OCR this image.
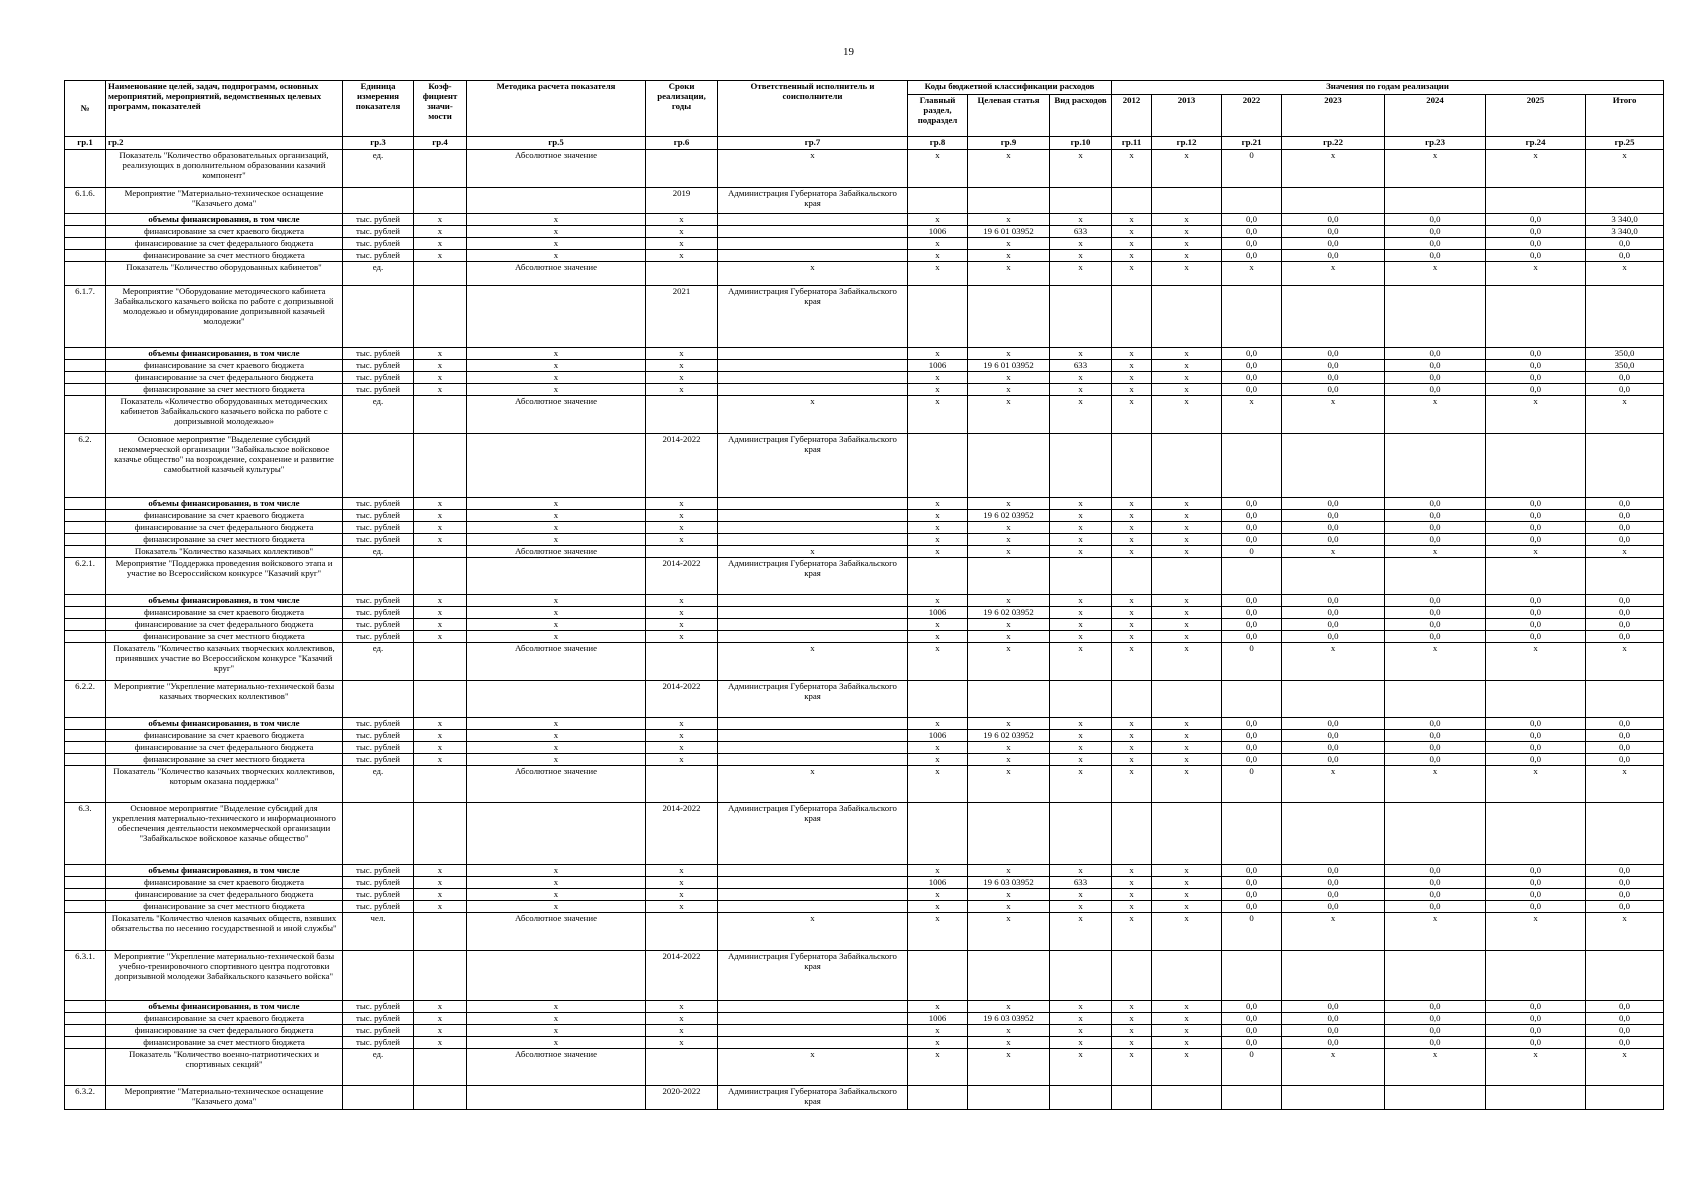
19
№	Наименование целей, задач, подпрограмм, основных мероприятий, мероприятий, ведомственных целевых программ, показателей	Единица измерения показателя	Коэф-фициент значи-мости	Методика расчета показателя	Сроки реализации, годы	Ответственный исполнитель и соисполнители	Коды бюджетной классификации расходов			Значения по годам реализации						
							Главный раздел, подраздел	Целевая статья	Вид расходов	2012	2013	2022	2023	2024	2025	Итого
гр.1	гр.2	гр.3	гр.4	гр.5	гр.6	гр.7	гр.8	гр.9	гр.10	гр.11	гр.12	гр.21	гр.22	гр.23	гр.24	гр.25
	Показатель "Количество образовательных организаций, реализующих в дополнительном образовании казачий компонент"	ед.		Абсолютное значение		x	x	x	x	x	x	0	x	x	x	x
6.1.6.	Мероприятие "Материально-техническое оснащение "Казачьего дома"				2019	Администрация Губернатора Забайкальского края										
	объемы финансирования, в том числе	тыс. рублей	x	x	x		x	x	x	x	x	0,0	0,0	0,0	0,0	3 340,0
	финансирование за счет краевого бюджета	тыс. рублей	x	x	x		1006	19 6 01 03952	633	x	x	0,0	0,0	0,0	0,0	3 340,0
	финансирование за счет федерального бюджета	тыс. рублей	x	x	x		x	x	x	x	x	0,0	0,0	0,0	0,0	0,0
	финансирование за счет местного бюджета	тыс. рублей	x	x	x		x	x	x	x	x	0,0	0,0	0,0	0,0	0,0
	Показатель "Количество оборудованных кабинетов"	ед.		Абсолютное значение		x	x	x	x	x	x	x	x	x	x	x
6.1.7.	Мероприятие "Оборудование методического кабинета Забайкальского казачьего войска по работе с допризывной молодежью и обмундирование допризывной казачьей молодежи"				2021	Администрация Губернатора Забайкальского края										
	объемы финансирования, в том числе	тыс. рублей	x	x	x		x	x	x	x	x	0,0	0,0	0,0	0,0	350,0
	финансирование за счет краевого бюджета	тыс. рублей	x	x	x		1006	19 6 01 03952	633	x	x	0,0	0,0	0,0	0,0	350,0
	финансирование за счет федерального бюджета	тыс. рублей	x	x	x		x	x	x	x	x	0,0	0,0	0,0	0,0	0,0
	финансирование за счет местного бюджета	тыс. рублей	x	x	x		x	x	x	x	x	0,0	0,0	0,0	0,0	0,0
	Показатель «Количество оборудованных методических кабинетов Забайкальского казачьего войска по работе с допризывной молодежью»	ед.		Абсолютное значение		x	x	x	x	x	x	x	x	x	x	x
6.2.	Основное мероприятие "Выделение субсидий некоммерческой организации "Забайкальское войсковое казачье общество" на возрождение, сохранение и развитие самобытной казачьей культуры"				2014-2022	Администрация Губернатора Забайкальского края										
	объемы финансирования, в том числе	тыс. рублей	x	x	x		x	x	x	x	x	0,0	0,0	0,0	0,0	0,0
	финансирование за счет краевого бюджета	тыс. рублей	x	x	x		x	19 6 02 03952	x	x	x	0,0	0,0	0,0	0,0	0,0
	финансирование за счет федерального бюджета	тыс. рублей	x	x	x		x	x	x	x	x	0,0	0,0	0,0	0,0	0,0
	финансирование за счет местного бюджета	тыс. рублей	x	x	x		x	x	x	x	x	0,0	0,0	0,0	0,0	0,0
	Показатель "Количество казачьих коллективов"	ед.		Абсолютное значение		x	x	x	x	x	x	0	x	x	x	x
6.2.1.	Мероприятие "Поддержка проведения войскового этапа и участие во Всероссийском конкурсе "Казачий круг"				2014-2022	Администрация Губернатора Забайкальского края										
	объемы финансирования, в том числе	тыс. рублей	x	x	x		x	x	x	x	x	0,0	0,0	0,0	0,0	0,0
	финансирование за счет краевого бюджета	тыс. рублей	x	x	x		1006	19 6 02 03952	x	x	x	0,0	0,0	0,0	0,0	0,0
	финансирование за счет федерального бюджета	тыс. рублей	x	x	x		x	x	x	x	x	0,0	0,0	0,0	0,0	0,0
	финансирование за счет местного бюджета	тыс. рублей	x	x	x		x	x	x	x	x	0,0	0,0	0,0	0,0	0,0
	Показатель "Количество казачьих творческих коллективов, принявших участие во Всероссийском конкурсе "Казачий круг"	ед.		Абсолютное значение		x	x	x	x	x	x	0	x	x	x	x
6.2.2.	Мероприятие "Укрепление материально-технической базы казачьих творческих коллективов"				2014-2022	Администрация Губернатора Забайкальского края										
	объемы финансирования, в том числе	тыс. рублей	x	x	x		x	x	x	x	x	0,0	0,0	0,0	0,0	0,0
	финансирование за счет краевого бюджета	тыс. рублей	x	x	x		1006	19 6 02 03952	x	x	x	0,0	0,0	0,0	0,0	0,0
	финансирование за счет федерального бюджета	тыс. рублей	x	x	x		x	x	x	x	x	0,0	0,0	0,0	0,0	0,0
	финансирование за счет местного бюджета	тыс. рублей	x	x	x		x	x	x	x	x	0,0	0,0	0,0	0,0	0,0
	Показатель "Количество казачьих творческих коллективов, которым оказана поддержка"	ед.		Абсолютное значение		x	x	x	x	x	x	0	x	x	x	x
6.3.	Основное мероприятие "Выделение субсидий для укрепления материально-технического и информационного обеспечения деятельности некоммерческой организации "Забайкальское войсковое казачье общество"				2014-2022	Администрация Губернатора Забайкальского края										
	объемы финансирования, в том числе	тыс. рублей	x	x	x		x	x	x	x	x	0,0	0,0	0,0	0,0	0,0
	финансирование за счет краевого бюджета	тыс. рублей	x	x	x		1006	19 6 03 03952	633	x	x	0,0	0,0	0,0	0,0	0,0
	финансирование за счет федерального бюджета	тыс. рублей	x	x	x		x	x	x	x	x	0,0	0,0	0,0	0,0	0,0
	финансирование за счет местного бюджета	тыс. рублей	x	x	x		x	x	x	x	x	0,0	0,0	0,0	0,0	0,0
	Показатель "Количество членов казачьих обществ, взявших обязательства по несению государственной и иной службы"	чел.		Абсолютное значение		x	x	x	x	x	x	0	x	x	x	x
6.3.1.	Мероприятие "Укрепление материально-технической базы учебно-тренировочного спортивного центра подготовки допризывной молодежи Забайкальского казачьего войска"				2014-2022	Администрация Губернатора Забайкальского края										
	объемы финансирования, в том числе	тыс. рублей	x	x	x		x	x	x	x	x	0,0	0,0	0,0	0,0	0,0
	финансирование за счет краевого бюджета	тыс. рублей	x	x	x		1006	19 6 03 03952	x	x	x	0,0	0,0	0,0	0,0	0,0
	финансирование за счет федерального бюджета	тыс. рублей	x	x	x		x	x	x	x	x	0,0	0,0	0,0	0,0	0,0
	финансирование за счет местного бюджета	тыс. рублей	x	x	x		x	x	x	x	x	0,0	0,0	0,0	0,0	0,0
	Показатель "Количество военно-патриотических и спортивных секций"	ед.		Абсолютное значение		x	x	x	x	x	x	0	x	x	x	x
6.3.2.	Мероприятие "Материально-техническое оснащение "Казачьего дома"				2020-2022	Администрация Губернатора Забайкальского края										
